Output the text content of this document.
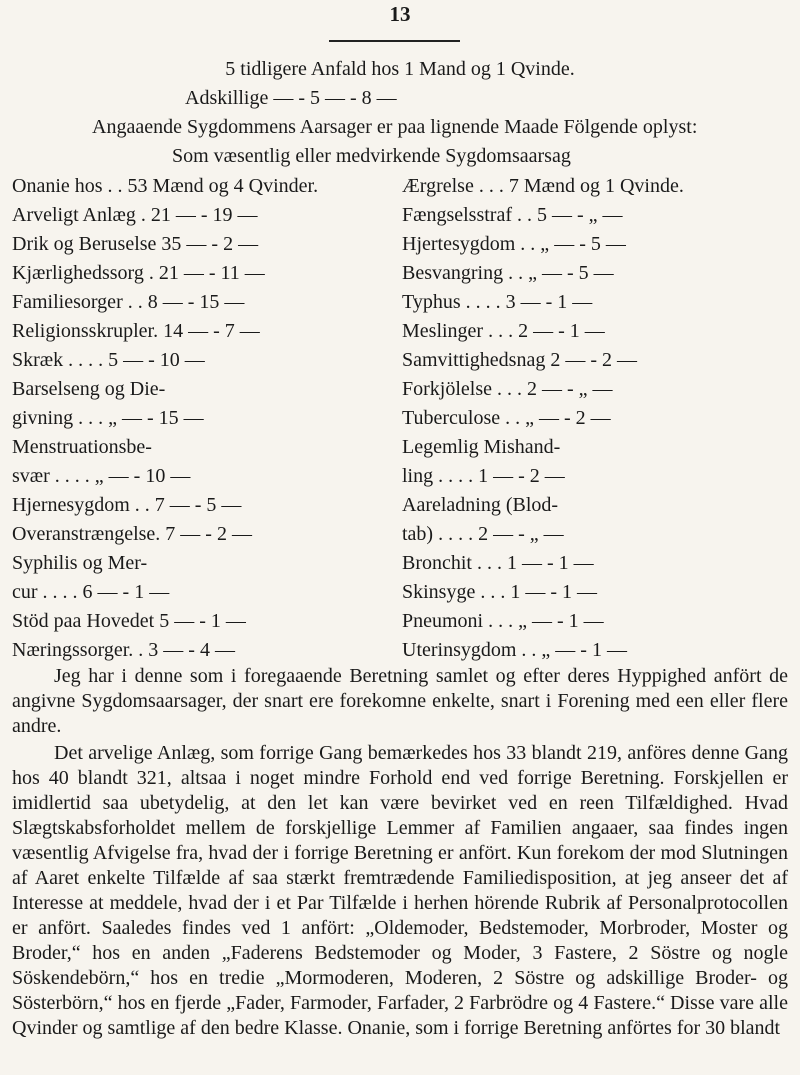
13
5 tidligere Anfald hos 1 Mand og 1 Qvinde.
Adskillige — - 5 — - 8 —
Angaaende Sygdommens Aarsager er paa lignende Maade Fölgende oplyst:
Som væsentlig eller medvirkende Sygdomsaarsag
Onanie hos . . 53 Mænd og 4 Qvinder.
Arveligt Anlæg . 21 — - 19 —
Drik og Beruselse 35 — - 2 —
Kjærlighedssorg . 21 — - 11 —
Familiesorger . . 8 — - 15 —
Religionsskrupler. 14 — - 7 —
Skræk . . . . 5 — - 10 —
Barselseng og Die-
givning . . . „ — - 15 —
Menstruationsbe-
svær . . . . „ — - 10 —
Hjernesygdom . . 7 — - 5 —
Overanstrængelse. 7 — - 2 —
Syphilis og Mer-
cur . . . . 6 — - 1 —
Stöd paa Hovedet 5 — - 1 —
Næringssorger. . 3 — - 4 —
Ærgrelse . . . 7 Mænd og 1 Qvinde.
Fængselsstraf . . 5 — - „ —
Hjertesygdom . . „ — - 5 —
Besvangring . . „ — - 5 —
Typhus . . . . 3 — - 1 —
Meslinger . . . 2 — - 1 —
Samvittighedsnag 2 — - 2 —
Forkjölelse . . . 2 — - „ —
Tuberculose . . „ — - 2 —
Legemlig Mishand-
ling . . . . 1 — - 2 —
Aareladning (Blod-
tab) . . . . 2 — - „ —
Bronchit . . . 1 — - 1 —
Skinsyge . . . 1 — - 1 —
Pneumoni . . . „ — - 1 —
Uterinsygdom . . „ — - 1 —

Jeg har i denne som i foregaaende Beretning samlet og efter deres Hyppighed anfört de angivne Sygdomsaarsager, der snart ere forekomne enkelte, snart i Forening med een eller flere andre.

Det arvelige Anlæg, som forrige Gang bemærkedes hos 33 blandt 219, anföres denne Gang hos 40 blandt 321, altsaa i noget mindre Forhold end ved forrige Beretning. Forskjellen er imidlertid saa ubetydelig, at den let kan være bevirket ved en reen Tilfældighed. Hvad Slægtskabsforholdet mellem de forskjellige Lemmer af Familien angaaer, saa findes ingen væsentlig Afvigelse fra, hvad der i forrige Beretning er anfört. Kun forekom der mod Slutningen af Aaret enkelte Tilfælde af saa stærkt fremtrædende Familiedisposition, at jeg anseer det af Interesse at meddele, hvad der i et Par Tilfælde i herhen hörende Rubrik af Personalprotocollen er anfört. Saaledes findes ved 1 anfört: „Oldemoder, Bedstemoder, Morbroder, Moster og Broder,“ hos en anden „Faderens Bedstemoder og Moder, 3 Fastere, 2 Söstre og nogle Söskendebörn,“ hos en tredie „Mormoderen, Moderen, 2 Söstre og adskillige Broder- og Sösterbörn,“ hos en fjerde „Fader, Farmoder, Farfader, 2 Farbrödre og 4 Fastere.“ Disse vare alle Qvinder og samtlige af den bedre Klasse. Onanie, som i forrige Beretning anförtes for 30 blandt
